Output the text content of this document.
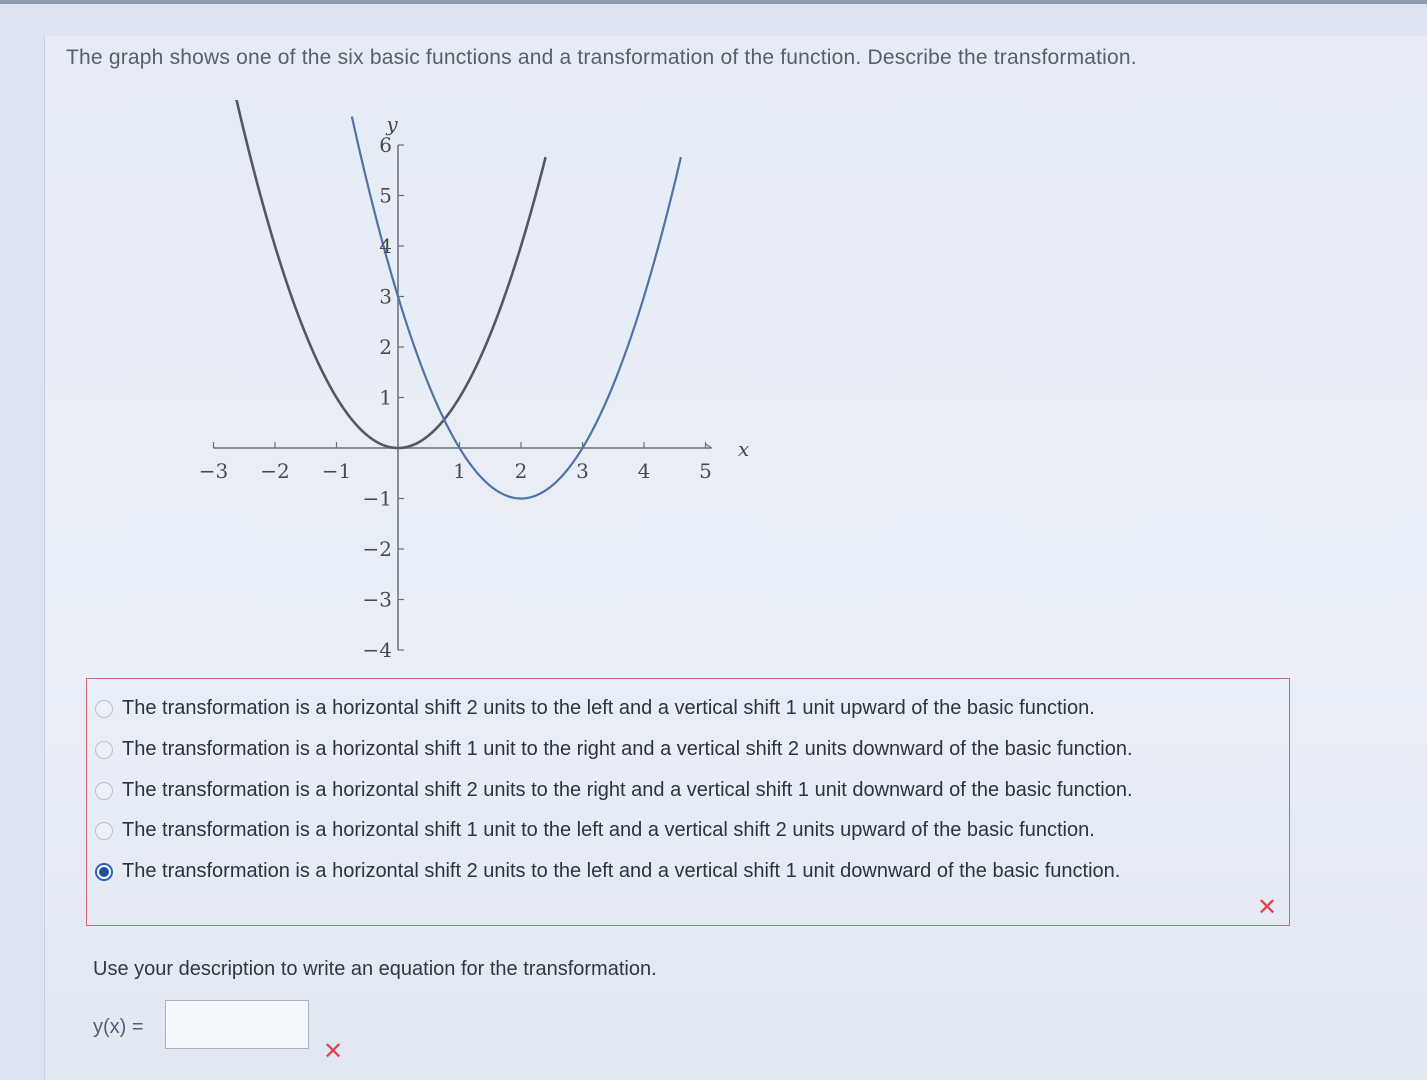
The graph shows one of the six basic functions and a transformation of the function. Describe the transformation.
−3 −2 −1	1 2 3 4 5
6
5
4
3
2
1
−1
−2
−3
−4
x
y
The transformation is a horizontal shift 2 units to the left and a vertical shift 1 unit upward of the basic function.
The transformation is a horizontal shift 1 unit to the right and a vertical shift 2 units downward of the basic function.
The transformation is a horizontal shift 2 units to the right and a vertical shift 1 unit downward of the basic function.
The transformation is a horizontal shift 1 unit to the left and a vertical shift 2 units upward of the basic function.
The transformation is a horizontal shift 2 units to the left and a vertical shift 1 unit downward of the basic function.
✕
Use your description to write an equation for the transformation.
y(x) =
✕
